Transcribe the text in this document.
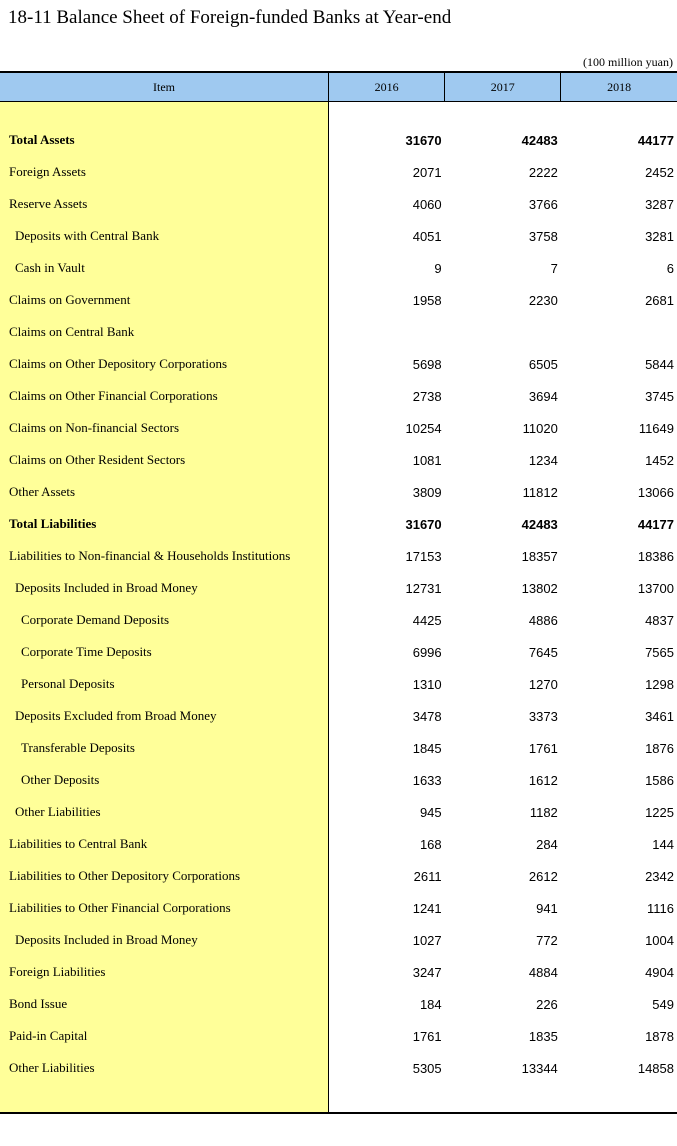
18-11 Balance Sheet of Foreign-funded Banks at Year-end
(100 million yuan)
Item	2016	2017	2018

Total Assets	31670	42483	44177
Foreign Assets	2071	2222	2452
Reserve Assets	4060	3766	3287
Deposits with Central Bank	4051	3758	3281
Cash in Vault	9	7	6
Claims on Government	1958	2230	2681
Claims on Central Bank			
Claims on Other Depository Corporations	5698	6505	5844
Claims on Other Financial Corporations	2738	3694	3745
Claims on Non-financial Sectors	10254	11020	11649
Claims on Other Resident Sectors	1081	1234	1452
Other Assets	3809	11812	13066
Total Liabilities	31670	42483	44177
Liabilities to Non-financial & Households Institutions	17153	18357	18386
Deposits Included in Broad Money	12731	13802	13700
Corporate Demand Deposits	4425	4886	4837
Corporate Time Deposits	6996	7645	7565
Personal Deposits	1310	1270	1298
Deposits Excluded from Broad Money	3478	3373	3461
Transferable Deposits	1845	1761	1876
Other Deposits	1633	1612	1586
Other Liabilities	945	1182	1225
Liabilities to Central Bank	168	284	144
Liabilities to Other Depository Corporations	2611	2612	2342
Liabilities to Other Financial Corporations	1241	941	1116
Deposits Included in Broad Money	1027	772	1004
Foreign Liabilities	3247	4884	4904
Bond Issue	184	226	549
Paid-in Capital	1761	1835	1878
Other Liabilities	5305	13344	14858
